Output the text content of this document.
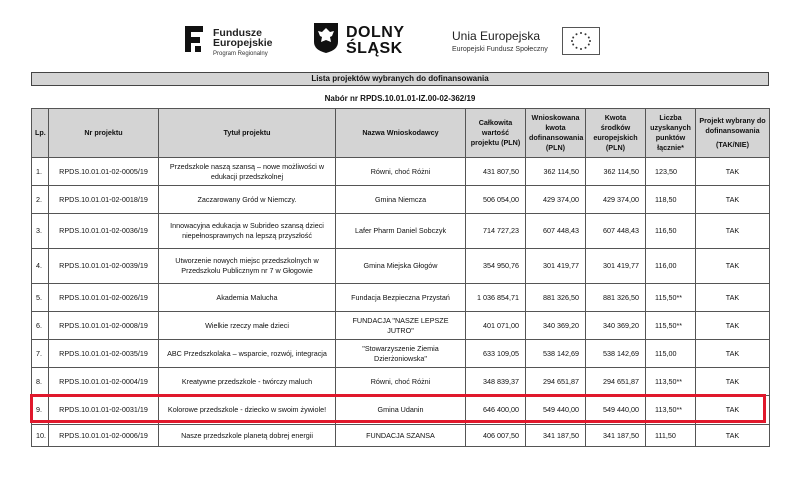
Fundusze
Europejskie
Program Regionalny
DOLNY
ŚLĄSK
Unia Europejska
Europejski Fundusz Społeczny
Lista projektów wybranych do dofinansowania
Nabór nr RPDS.10.01.01-IZ.00-02-362/19
Lp.	Nr projektu	Tytuł projektu	Nazwa Wnioskodawcy	Całkowita wartość projektu (PLN)	Wnioskowana kwota dofinansowania (PLN)	Kwota środków europejskich (PLN)	Liczba uzyskanych punktów łącznie*	Projekt wybrany do dofinansowania
(TAK/NIE)

1.	RPDS.10.01.01-02-0005/19	Przedszkole naszą szansą – nowe możliwości w edukacji przedszkolnej	Równi, choć Różni	431 807,50	362 114,50	362 114,50	123,50	TAK
2.	RPDS.10.01.01-02-0018/19	Zaczarowany Gród w Niemczy.	Gmina Niemcza	506 054,00	429 374,00	429 374,00	118,50	TAK
3.	RPDS.10.01.01-02-0036/19	Innowacyjna edukacja w Subrideo szansą dzieci niepełnosprawnych na lepszą przyszłość	Lafer Pharm Daniel Sobczyk	714 727,23	607 448,43	607 448,43	116,50	TAK
4.	RPDS.10.01.01-02-0039/19	Utworzenie nowych miejsc przedszkolnych w Przedszkolu Publicznym nr 7 w Głogowie	Gmina Miejska Głogów	354 950,76	301 419,77	301 419,77	116,00	TAK
5.	RPDS.10.01.01-02-0026/19	Akademia Malucha	Fundacja Bezpieczna Przystań	1 036 854,71	881 326,50	881 326,50	115,50**	TAK
6.	RPDS.10.01.01-02-0008/19	Wielkie rzeczy małe dzieci	FUNDACJA "NASZE LEPSZE JUTRO"	401 071,00	340 369,20	340 369,20	115,50**	TAK
7.	RPDS.10.01.01-02-0035/19	ABC Przedszkolaka – wsparcie, rozwój, integracja	"Stowarzyszenie Ziemia Dzierżoniowska"	633 109,05	538 142,69	538 142,69	115,00	TAK
8.	RPDS.10.01.01-02-0004/19	Kreatywne przedszkole - twórczy maluch	Równi, choć Różni	348 839,37	294 651,87	294 651,87	113,50**	TAK
9.	RPDS.10.01.01-02-0031/19	Kolorowe przedszkole - dziecko w swoim żywiole!	Gmina Udanin	646 400,00	549 440,00	549 440,00	113,50**	TAK
10.	RPDS.10.01.01-02-0006/19	Nasze przedszkole planetą dobrej energii	FUNDACJA SZANSA	406 007,50	341 187,50	341 187,50	111,50	TAK
